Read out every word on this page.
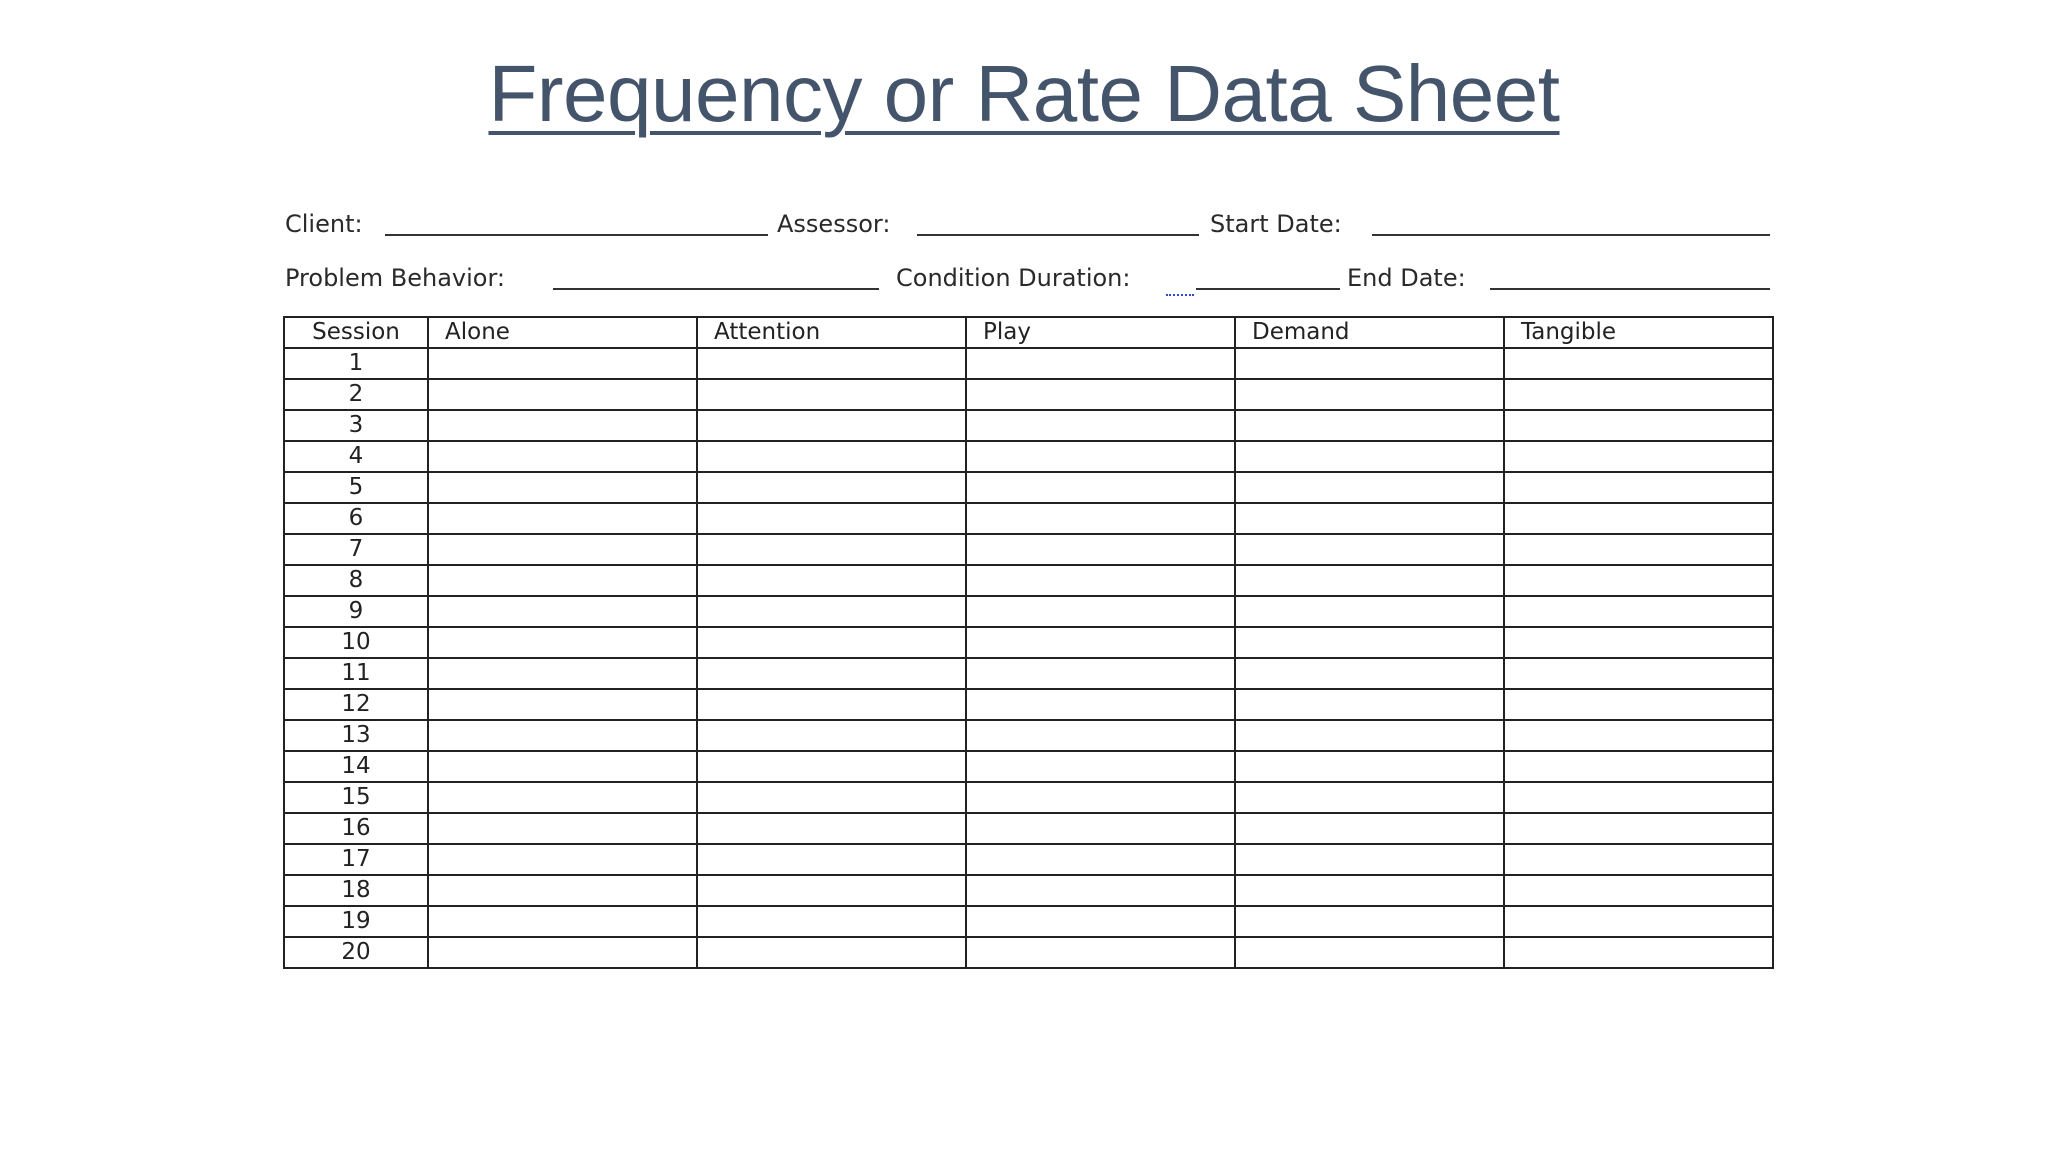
Frequency or Rate Data Sheet
Client:	Assessor:	Start Date:
Problem Behavior:	Condition Duration:	End Date:
Session	Alone	Attention	Play	Demand	Tangible
1					
2					
3					
4					
5					
6					
7					
8					
9					
10					
11					
12					
13					
14					
15					
16					
17					
18					
19					
20					
